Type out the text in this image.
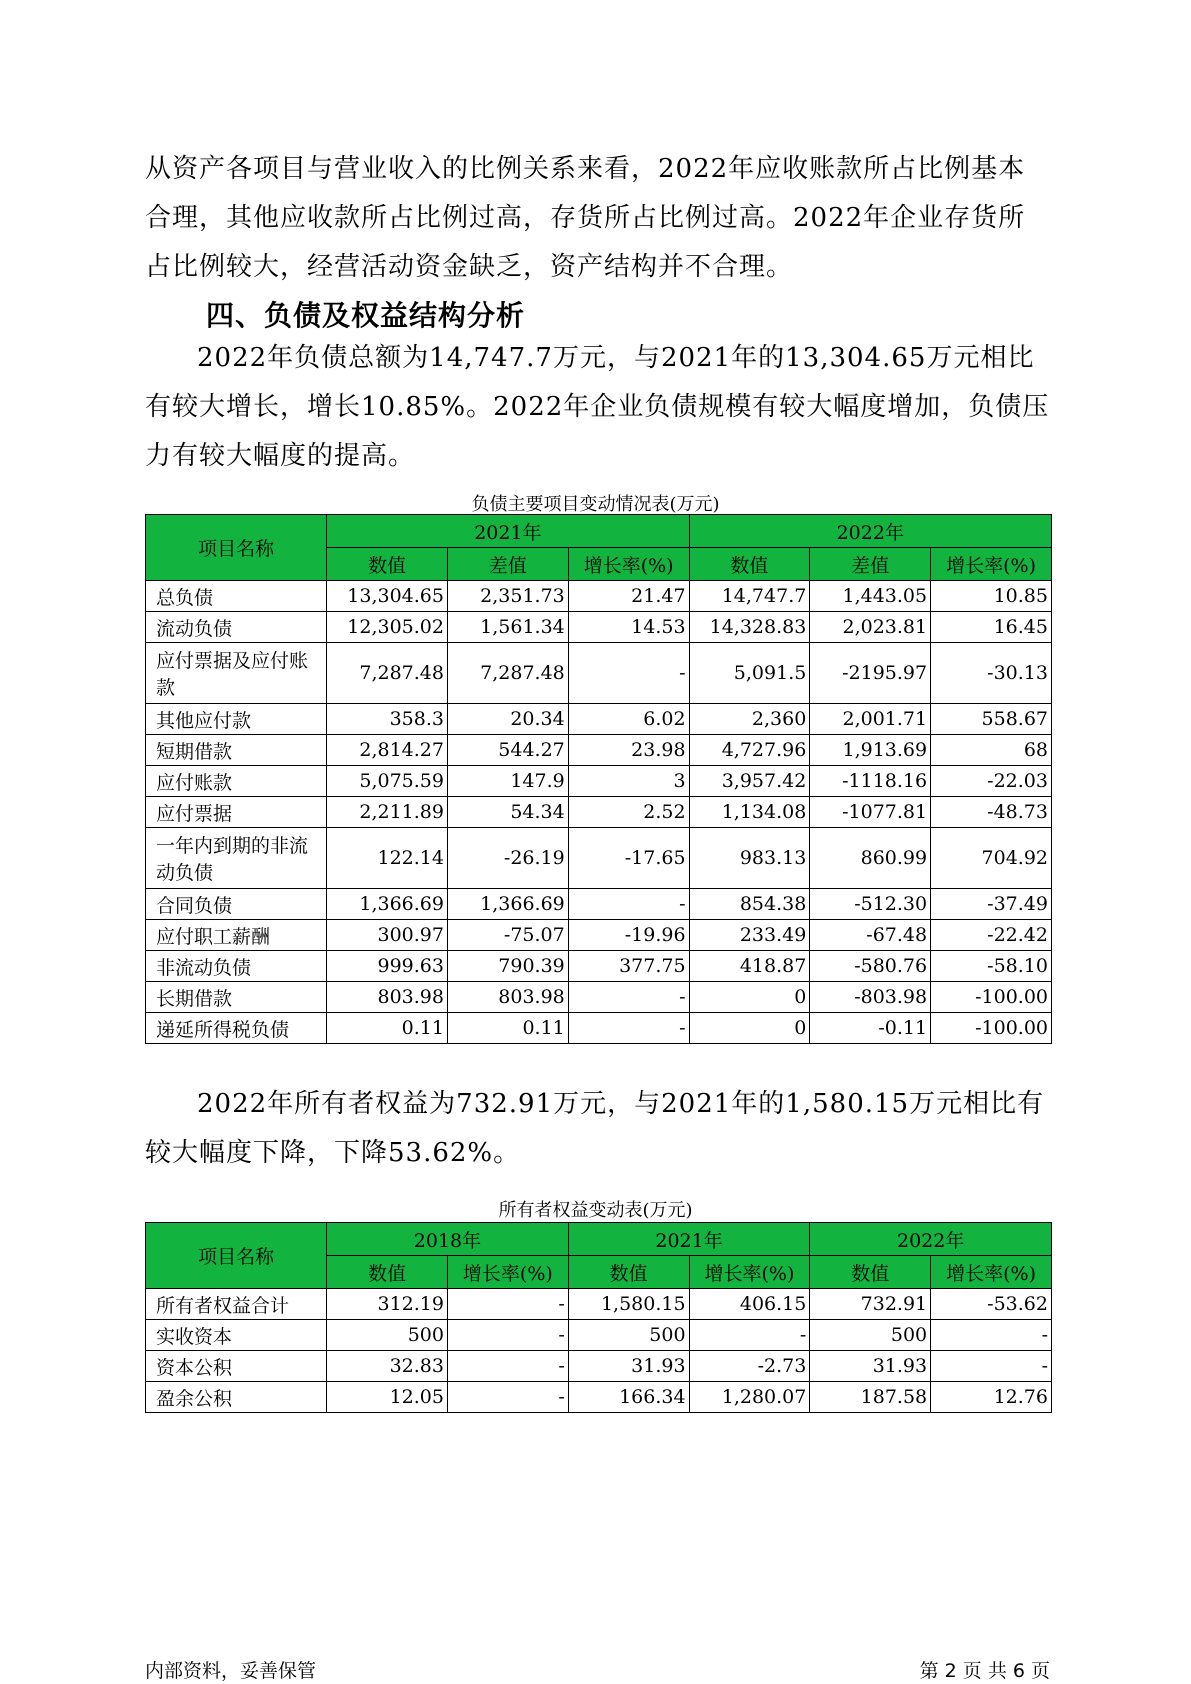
从资产各项目与营业收入的比例关系来看，2022年应收账款所占比例基本合理，其他应收款所占比例过高，存货所占比例过高。2022年企业存货所占比例较大，经营活动资金缺乏，资产结构并不合理。

四、负债及权益结构分析

2022年负债总额为14,747.7万元，与2021年的13,304.65万元相比有较大增长，增长10.85%。2022年企业负债规模有较大幅度增加，负债压力有较大幅度的提高。

负债主要项目变动情况表(万元)
项目名称	2021年			2022年		
	数值	差值	增长率(%)	数值	差值	增长率(%)
总负债	13,304.65	2,351.73	21.47	14,747.7	1,443.05	10.85
流动负债	12,305.02	1,561.34	14.53	14,328.83	2,023.81	16.45
应付票据及应付账款	7,287.48	7,287.48	-	5,091.5	-2195.97	-30.13
其他应付款	358.3	20.34	6.02	2,360	2,001.71	558.67
短期借款	2,814.27	544.27	23.98	4,727.96	1,913.69	68
应付账款	5,075.59	147.9	3	3,957.42	-1118.16	-22.03
应付票据	2,211.89	54.34	2.52	1,134.08	-1077.81	-48.73
一年内到期的非流动负债	122.14	-26.19	-17.65	983.13	860.99	704.92
合同负债	1,366.69	1,366.69	-	854.38	-512.30	-37.49
应付职工薪酬	300.97	-75.07	-19.96	233.49	-67.48	-22.42
非流动负债	999.63	790.39	377.75	418.87	-580.76	-58.10
长期借款	803.98	803.98	-	0	-803.98	-100.00
递延所得税负债	0.11	0.11	-	0	-0.11	-100.00

2022年所有者权益为732.91万元，与2021年的1,580.15万元相比有较大幅度下降，下降53.62%。

所有者权益变动表(万元)
项目名称	2018年		2021年		2022年	
	数值	增长率(%)	数值	增长率(%)	数值	增长率(%)
所有者权益合计	312.19	-	1,580.15	406.15	732.91	-53.62
实收资本	500	-	500	-	500	-
资本公积	32.83	-	31.93	-2.73	31.93	-
盈余公积	12.05	-	166.34	1,280.07	187.58	12.76
内部资料，妥善保管	第 2 页 共 6 页
